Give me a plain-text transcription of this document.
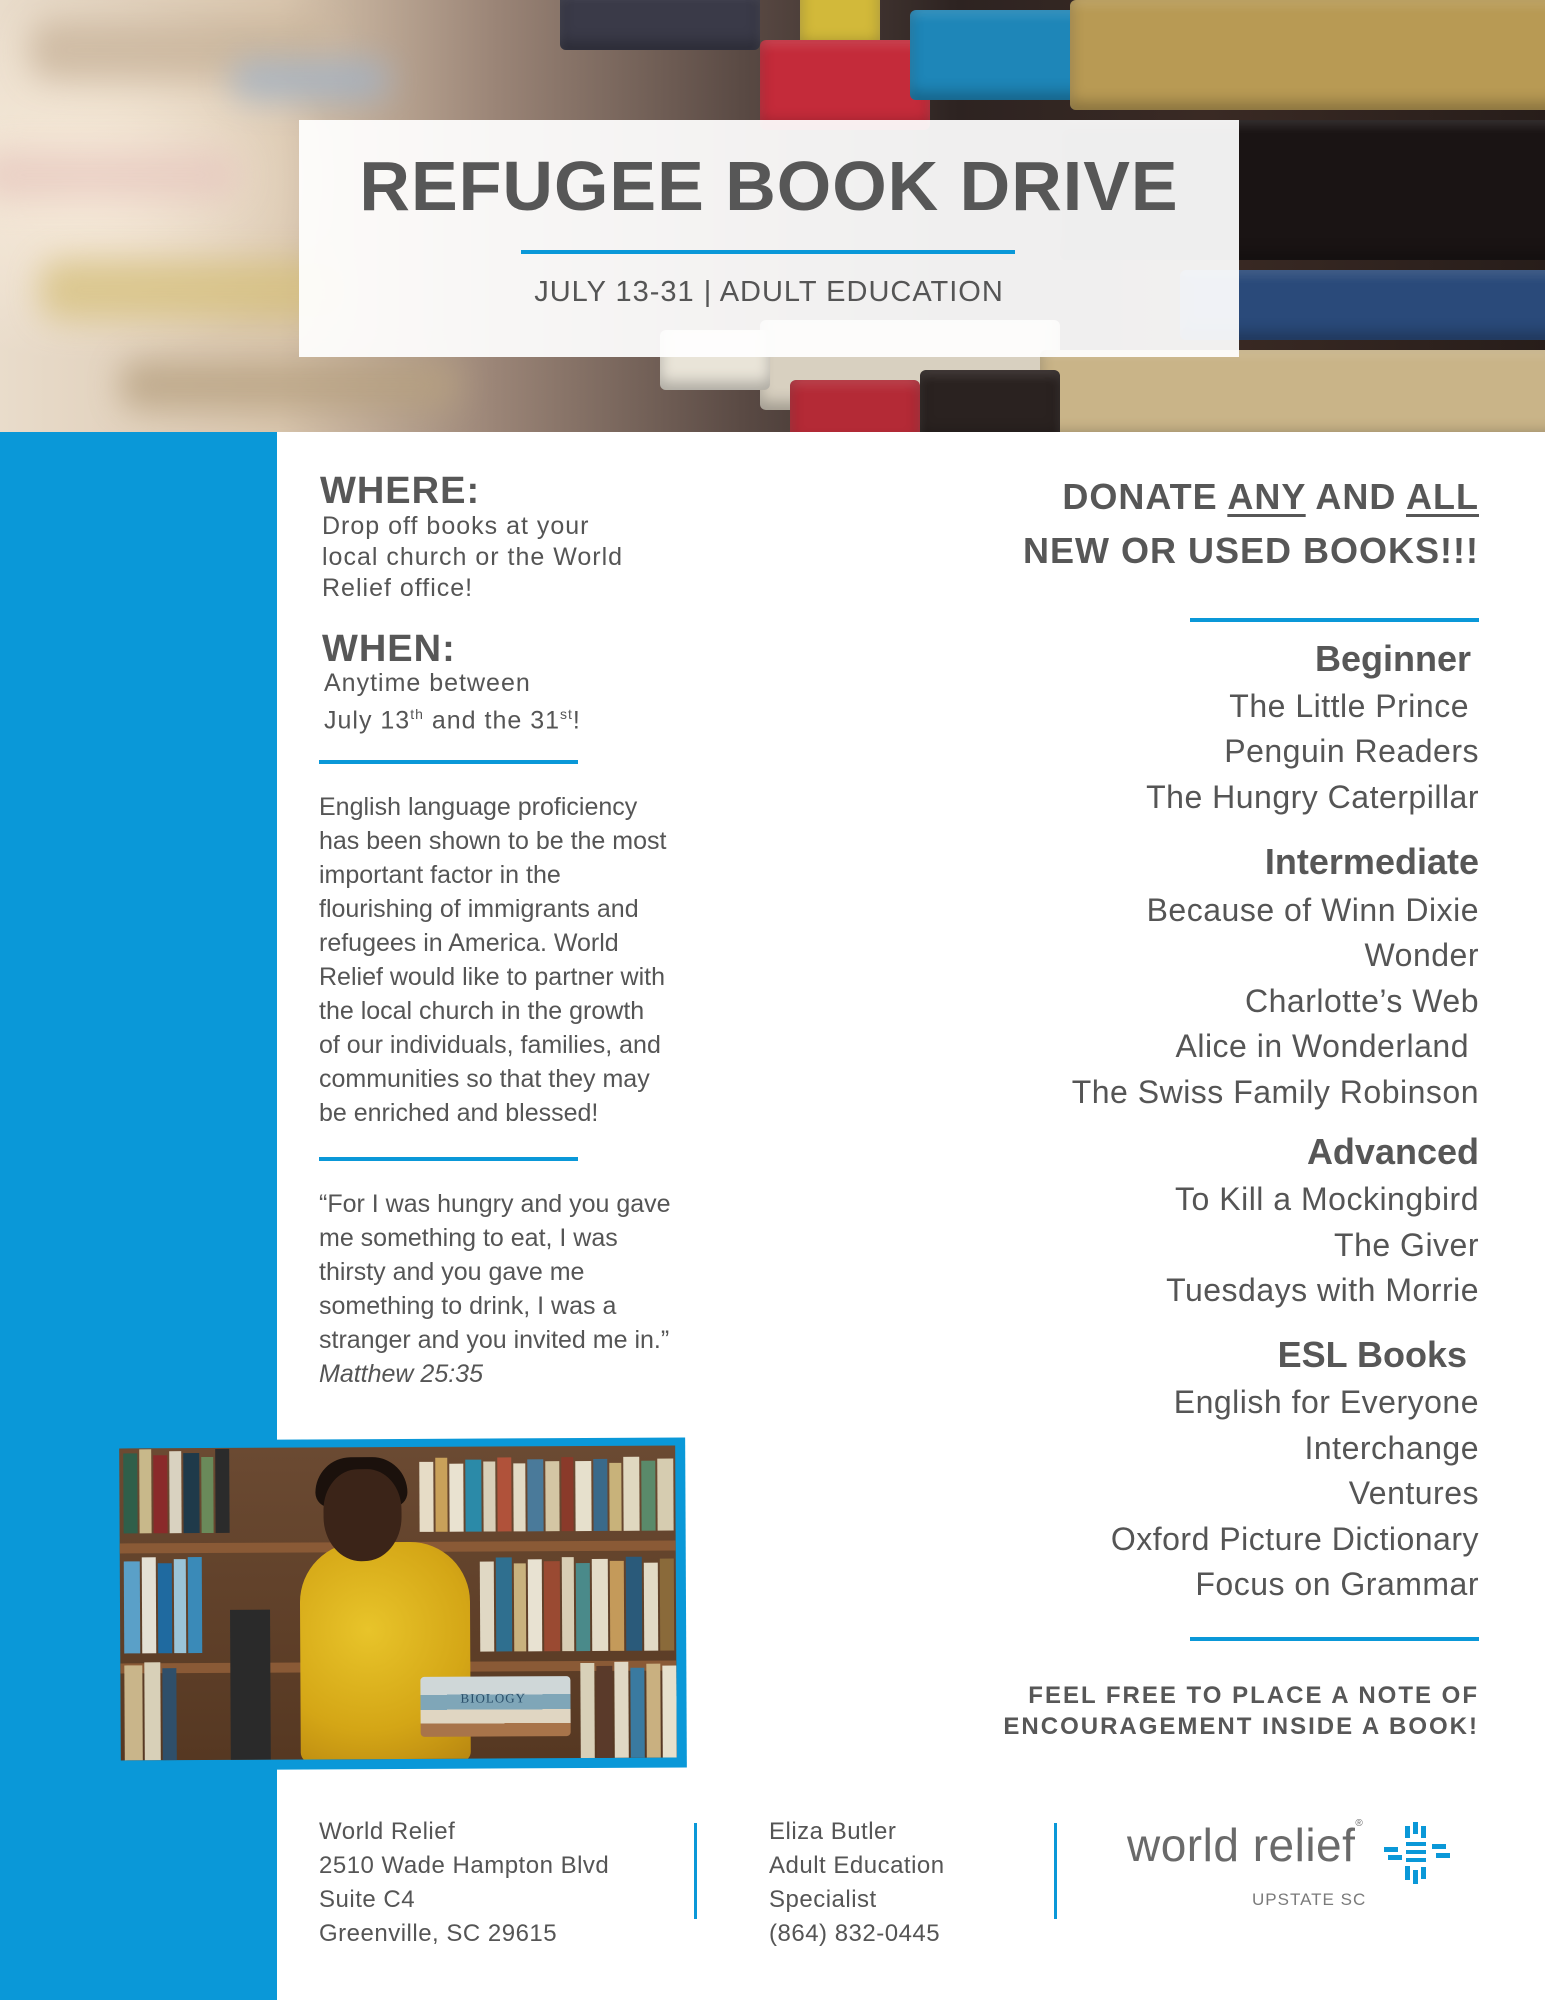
REFUGEE BOOK DRIVE
JULY 13-31 | ADULT EDUCATION
WHERE:
Drop off books at your
local church or the World
Relief office!
WHEN:
Anytime between
July 13th and the 31st!
English language proficiency
has been shown to be the most
important factor in the
flourishing of immigrants and
refugees in America. World
Relief would like to partner with
the local church in the growth
of our individuals, families, and
communities so that they may
be enriched and blessed!
“For I was hungry and you gave
me something to eat, I was
thirsty and you gave me
something to drink, I was a
stranger and you invited me in.”
Matthew 25:35
BIOLOGY
DONATE ANY AND ALL
NEW OR USED BOOKS!!!
Beginner
The Little Prince
Penguin Readers
The Hungry Caterpillar
Intermediate
Because of Winn Dixie
Wonder
Charlotte’s Web
Alice in Wonderland
The Swiss Family Robinson
Advanced
To Kill a Mockingbird
The Giver
Tuesdays with Morrie
ESL Books
English for Everyone
Interchange
Ventures
Oxford Picture Dictionary
Focus on Grammar
FEEL FREE TO PLACE A NOTE OF
ENCOURAGEMENT INSIDE A BOOK!
World Relief
2510 Wade Hampton Blvd
Suite C4
Greenville, SC 29615
Eliza Butler
Adult Education
Specialist
(864) 832-0445
world relief®
UPSTATE SC
